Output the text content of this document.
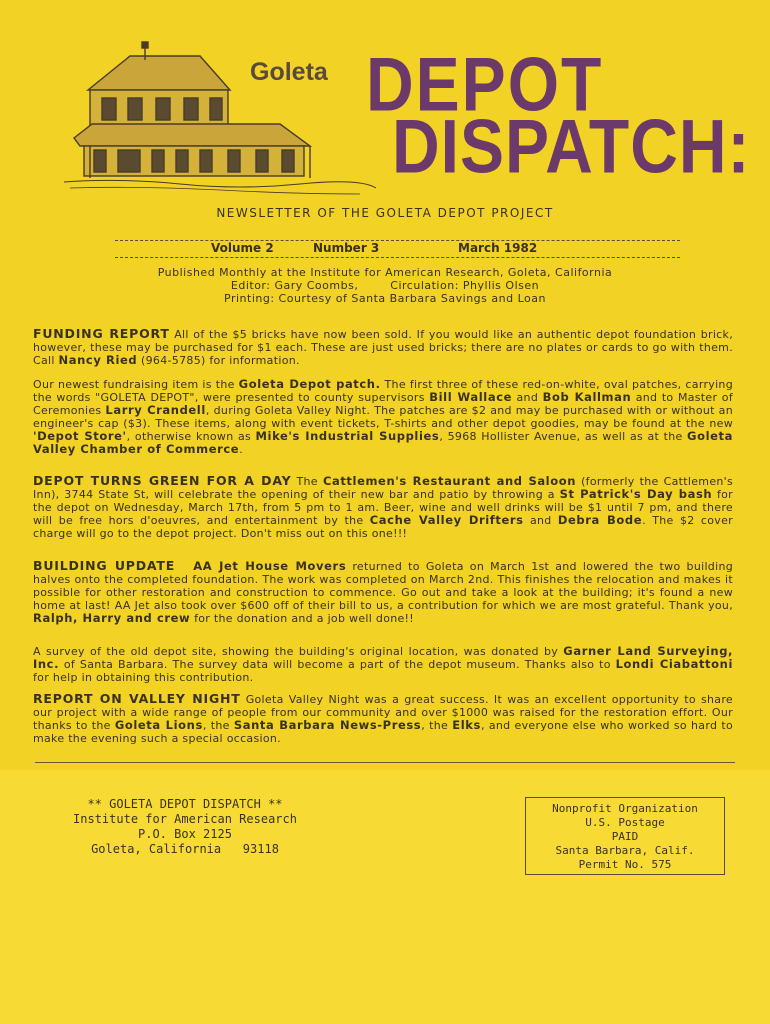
Goleta DEPOT
DISPATCH:
NEWSLETTER OF THE GOLETA DEPOT PROJECT
Volume 2	Number 3	March 1982
Published Monthly at the Institute for American Research, Goleta, California
Editor: Gary Coombs,        Circulation: Phyllis Olsen
Printing: Courtesy of Santa Barbara Savings and Loan
FUNDING REPORT All of the $5 bricks have now been sold. If you would like an authentic depot foundation brick, however, these may be purchased for $1 each. These are just used bricks; there are no plates or cards to go with them. Call Nancy Ried (964-5785) for information.
Our newest fundraising item is the Goleta Depot patch. The first three of these red-on-white, oval patches, carrying the words "GOLETA DEPOT", were presented to county supervisors Bill Wallace and Bob Kallman and to Master of Ceremonies Larry Crandell, during Goleta Valley Night. The patches are $2 and may be purchased with or without an engineer's cap ($3). These items, along with event tickets, T-shirts and other depot goodies, may be found at the new 'Depot Store', otherwise known as Mike's Industrial Supplies, 5968 Hollister Avenue, as well as at the Goleta Valley Chamber of Commerce.
DEPOT TURNS GREEN FOR A DAY The Cattlemen's Restaurant and Saloon (formerly the Cattlemen's Inn), 3744 State St, will celebrate the opening of their new bar and patio by throwing a St Patrick's Day bash for the depot on Wednesday, March 17th, from 5 pm to 1 am. Beer, wine and well drinks will be $1 until 7 pm, and there will be free hors d'oeuvres, and entertainment by the Cache Valley Drifters and Debra Bode. The $2 cover charge will go to the depot project. Don't miss out on this one!!!
BUILDING UPDATE AA Jet House Movers returned to Goleta on March 1st and lowered the two building halves onto the completed foundation. The work was completed on March 2nd. This finishes the relocation and makes it possible for other restoration and construction to commence. Go out and take a look at the building; it's found a new home at last! AA Jet also took over $600 off of their bill to us, a contribution for which we are most grateful. Thank you, Ralph, Harry and crew for the donation and a job well done!!
A survey of the old depot site, showing the building's original location, was donated by Garner Land Surveying, Inc. of Santa Barbara. The survey data will become a part of the depot museum. Thanks also to Londi Ciabattoni for help in obtaining this contribution.
REPORT ON VALLEY NIGHT Goleta Valley Night was a great success. It was an excellent opportunity to share our project with a wide range of people from our community and over $1000 was raised for the restoration effort. Our thanks to the Goleta Lions, the Santa Barbara News-Press, the Elks, and everyone else who worked so hard to make the evening such a special occasion.
** GOLETA DEPOT DISPATCH **
Institute for American Research
P.O. Box 2125
Goleta, California   93118
Nonprofit Organization
U.S. Postage
PAID
Santa Barbara, Calif.
Permit No. 575
